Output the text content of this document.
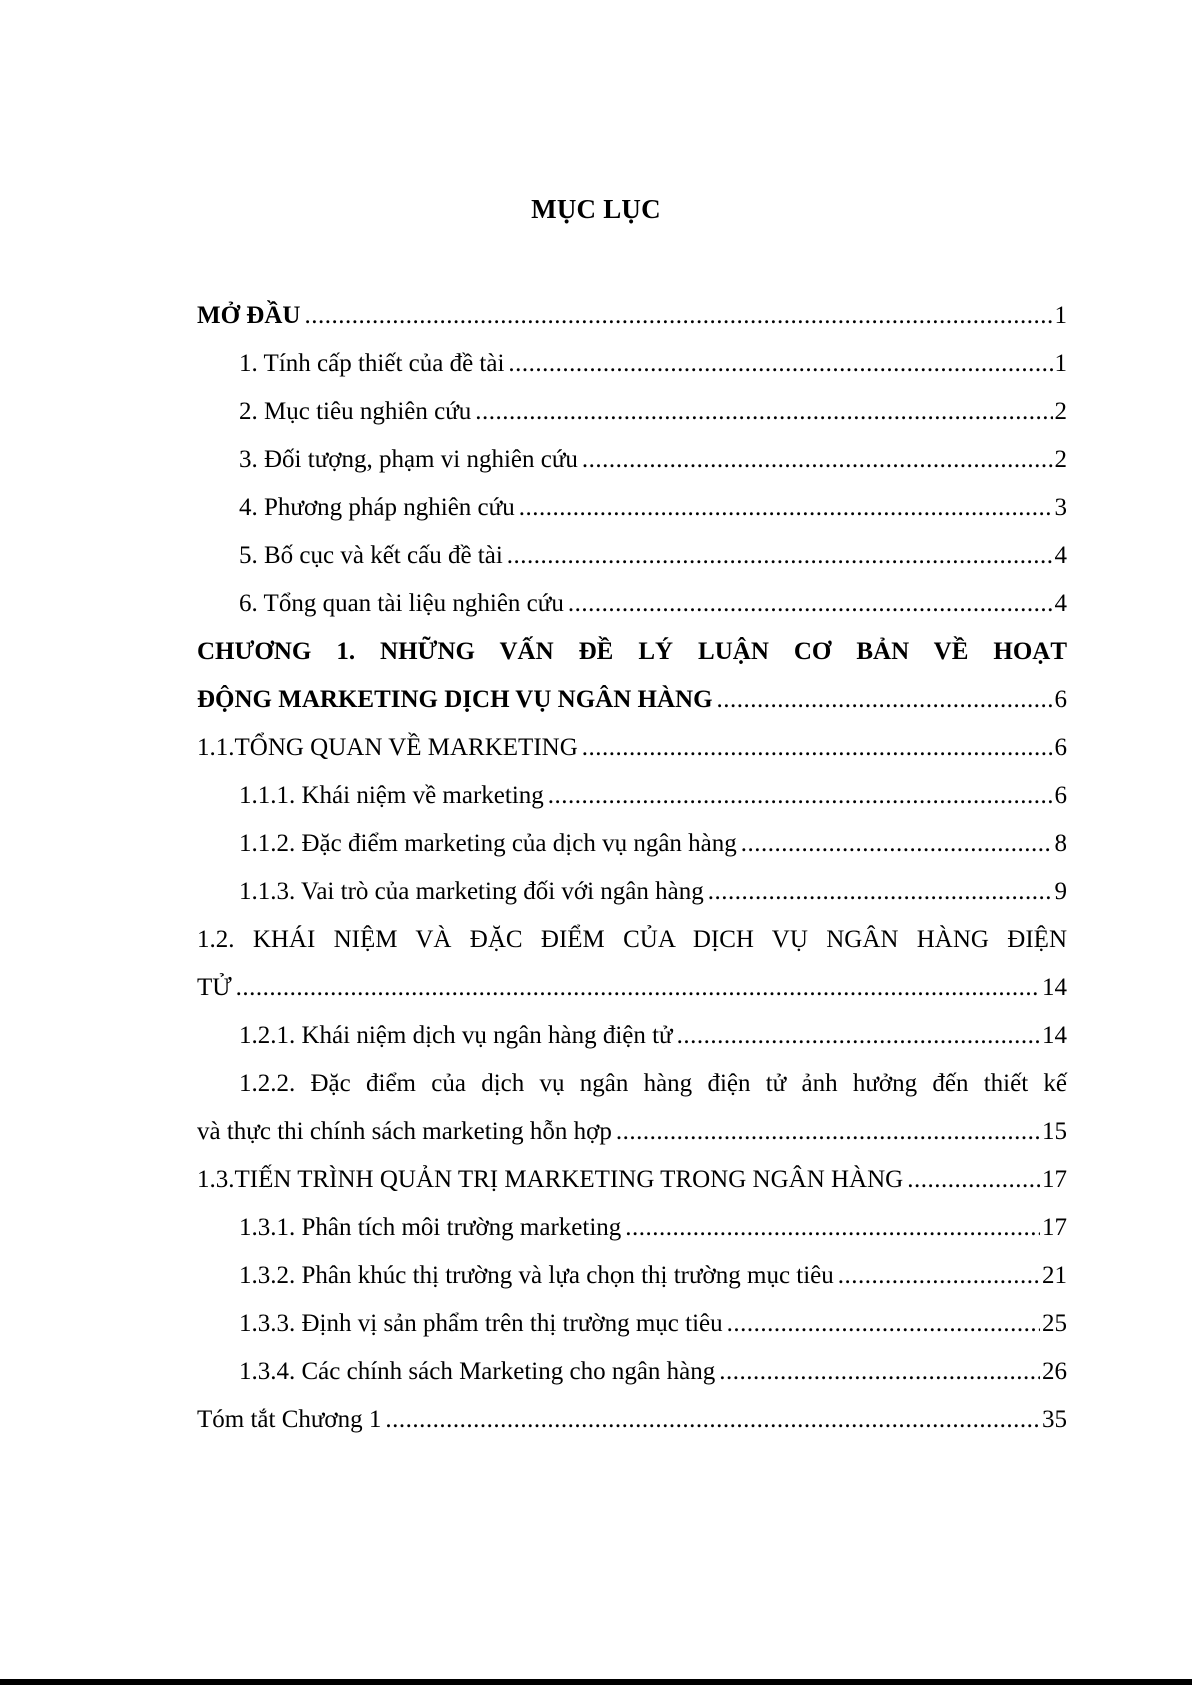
MỤC LỤC
MỞ ĐẦU .....	1
1. Tính cấp thiết của đề tài .....	1
2. Mục tiêu nghiên cứu .....	2
3. Đối tượng, phạm vi nghiên cứu .....	2
4. Phương pháp nghiên cứu .....	3
5. Bố cục và kết cấu đề tài .....	4
6. Tổng quan tài liệu nghiên cứu .....	4
CHƯƠNG 1. NHỮNG VẤN ĐỀ LÝ LUẬN CƠ BẢN VỀ HOẠT
ĐỘNG MARKETING DỊCH VỤ NGÂN HÀNG .....	6
1.1.TỔNG QUAN VỀ MARKETING .....	6
1.1.1. Khái niệm về marketing .....	6
1.1.2. Đặc điểm marketing của dịch vụ ngân hàng .....	8
1.1.3. Vai trò của marketing đối với ngân hàng .....	9
1.2. KHÁI NIỆM VÀ ĐẶC ĐIỂM CỦA DỊCH VỤ NGÂN HÀNG ĐIỆN
TỬ .....	14
1.2.1. Khái niệm dịch vụ ngân hàng điện tử .....	14
1.2.2. Đặc điểm của dịch vụ ngân hàng điện tử ảnh hưởng đến thiết kế
và thực thi chính sách marketing hỗn hợp .....	15
1.3.TIẾN TRÌNH QUẢN TRỊ MARKETING TRONG NGÂN HÀNG .....	17
1.3.1. Phân tích môi trường marketing .....	17
1.3.2. Phân khúc thị trường và lựa chọn thị trường mục tiêu .....	21
1.3.3. Định vị sản phẩm trên thị trường mục tiêu .....	25
1.3.4. Các chính sách Marketing cho ngân hàng .....	26
Tóm tắt Chương 1 .....	35
